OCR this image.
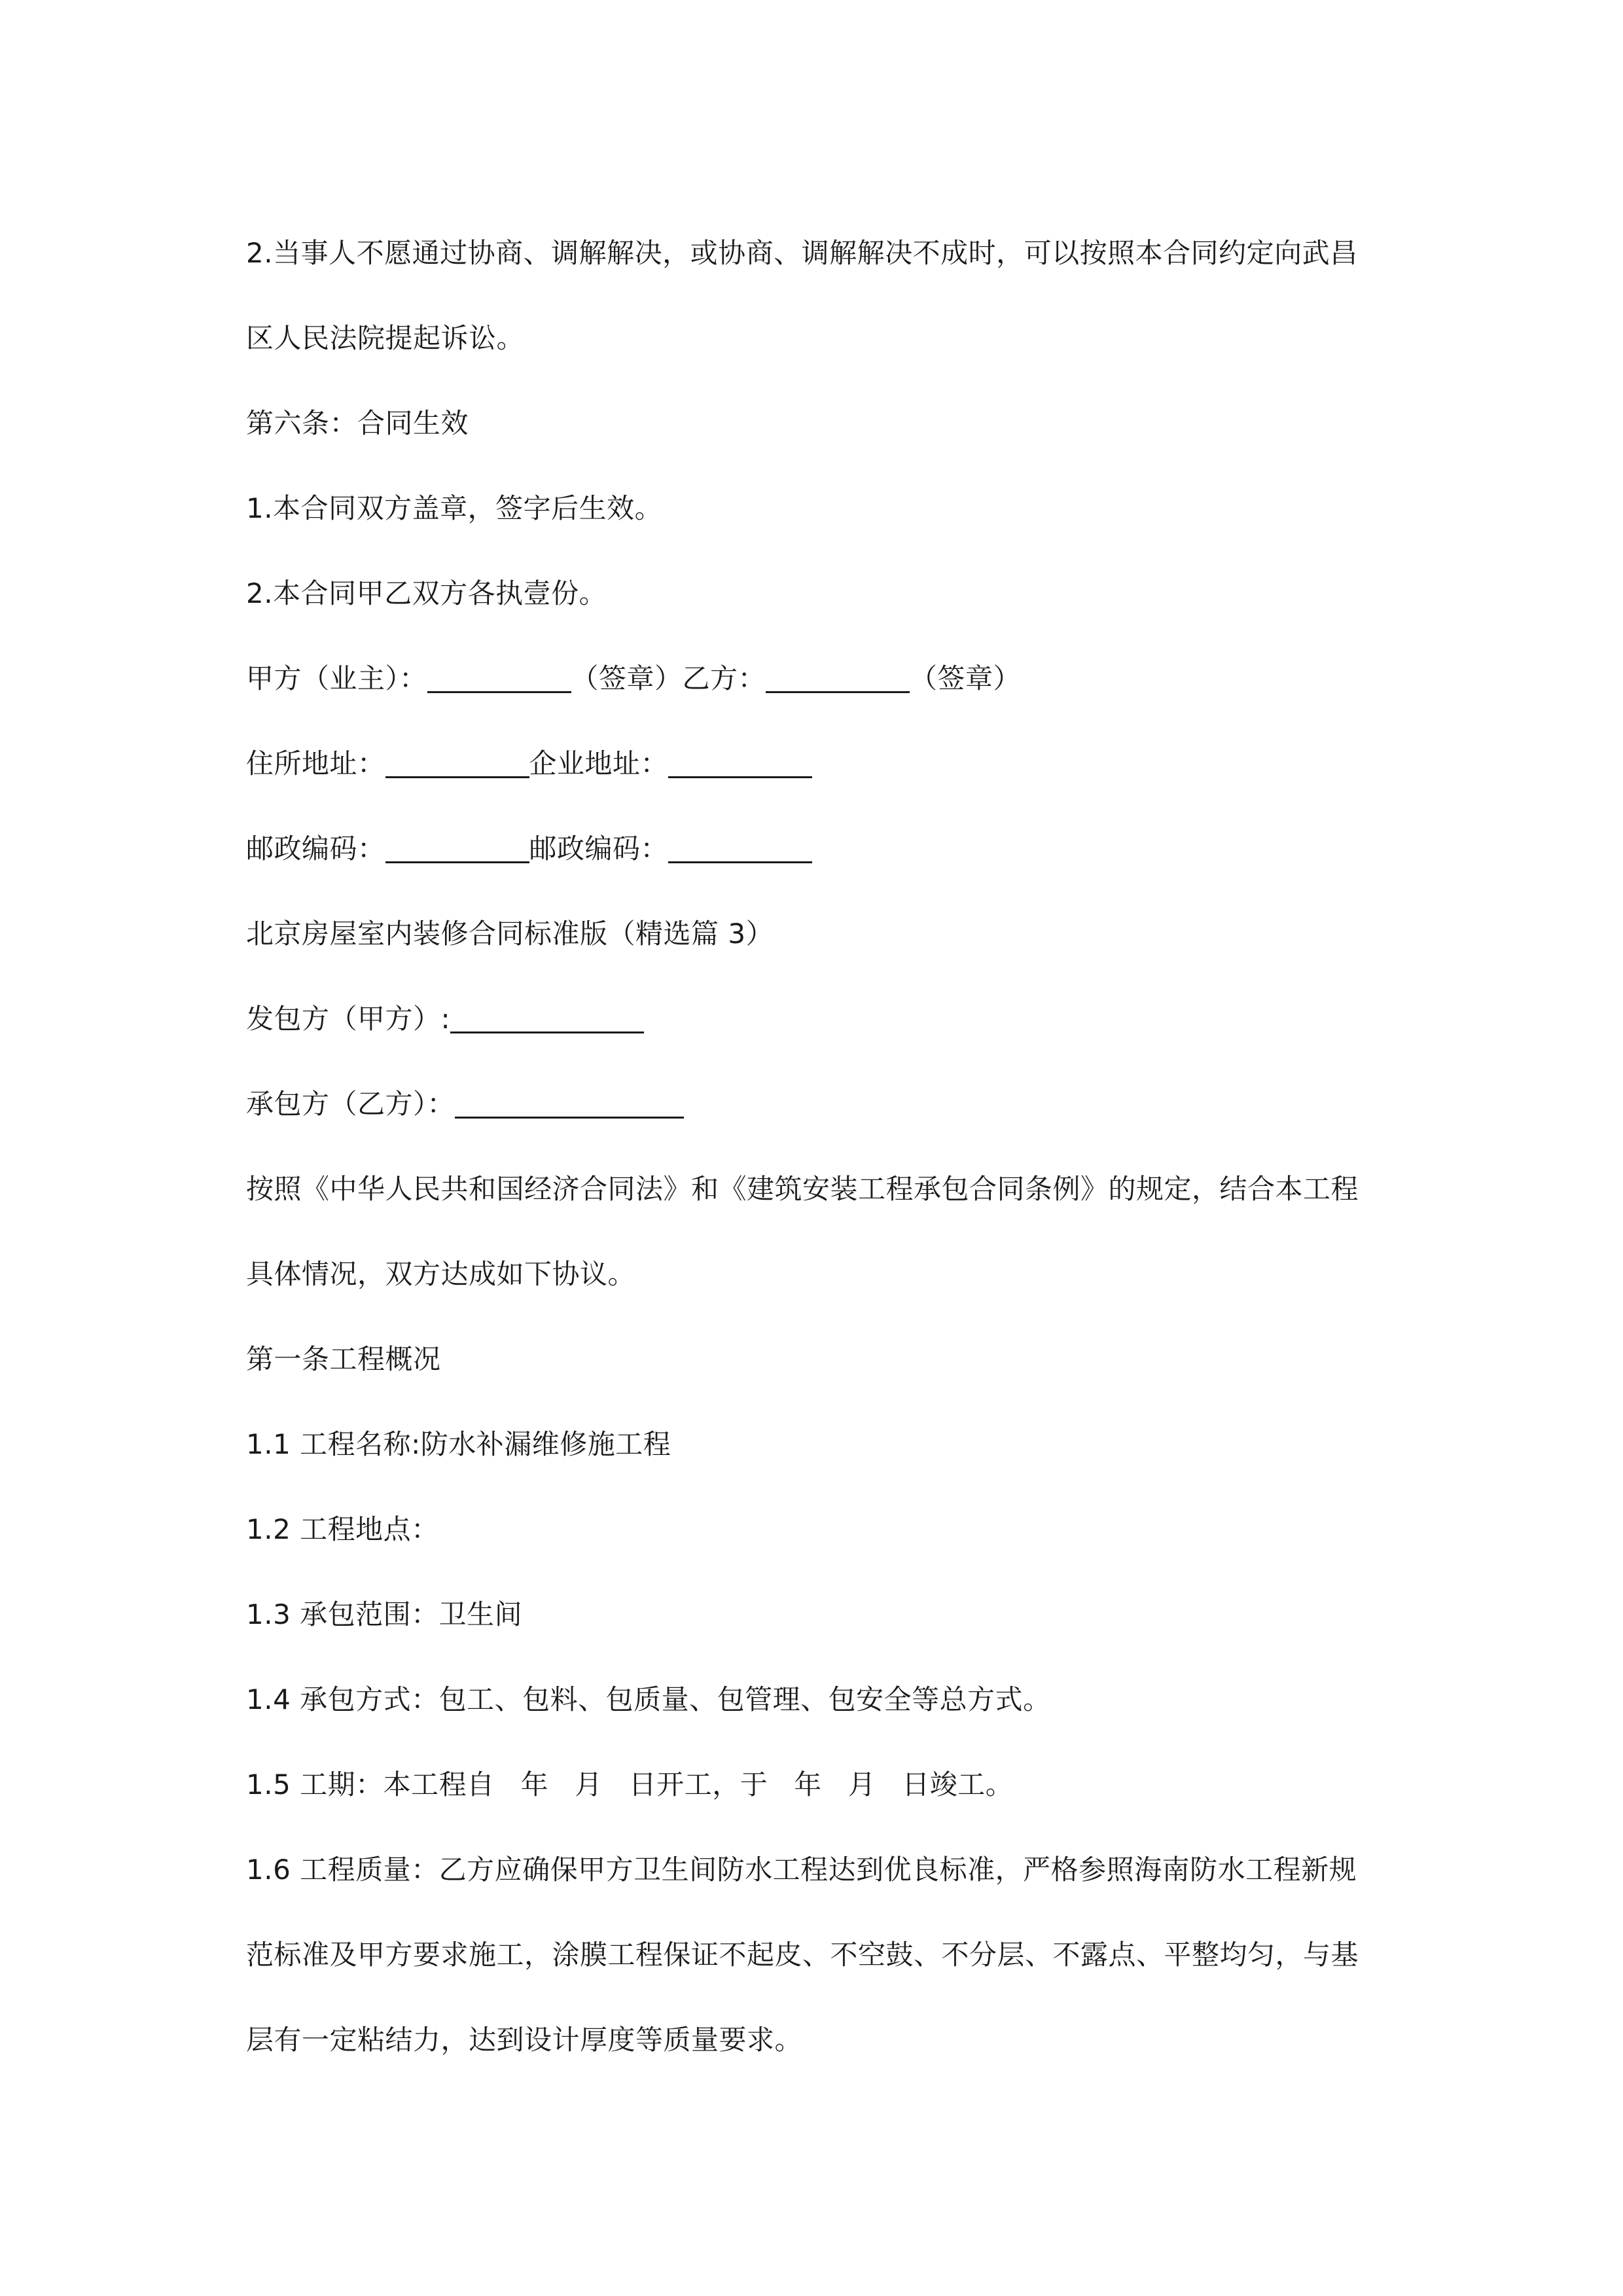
2.当事人不愿通过协商、调解解决，或协商、调解解决不成时，可以按照本合同约定向武昌
区人民法院提起诉讼。
第六条：合同生效
1.本合同双方盖章，签字后生效。
2.本合同甲乙双方各执壹份。
甲方（业主）：	（签章）乙方：	（签章）
住所地址：	企业地址：
邮政编码：	邮政编码：
北京房屋室内装修合同标准版（精选篇 3）
发包方（甲方）:
承包方（乙方）：
按照《中华人民共和国经济合同法》和《建筑安装工程承包合同条例》的规定，结合本工程
具体情况，双方达成如下协议。
第一条工程概况
1.1 工程名称:防水补漏维修施工程
1.2 工程地点：
1.3 承包范围：卫生间
1.4 承包方式：包工、包料、包质量、包管理、包安全等总方式。
1.5 工期：本工程自 年 月 日开工，于 年 月 日竣工。
1.6 工程质量：乙方应确保甲方卫生间防水工程达到优良标准，严格参照海南防水工程新规
范标准及甲方要求施工，涂膜工程保证不起皮、不空鼓、不分层、不露点、平整均匀，与基
层有一定粘结力，达到设计厚度等质量要求。
